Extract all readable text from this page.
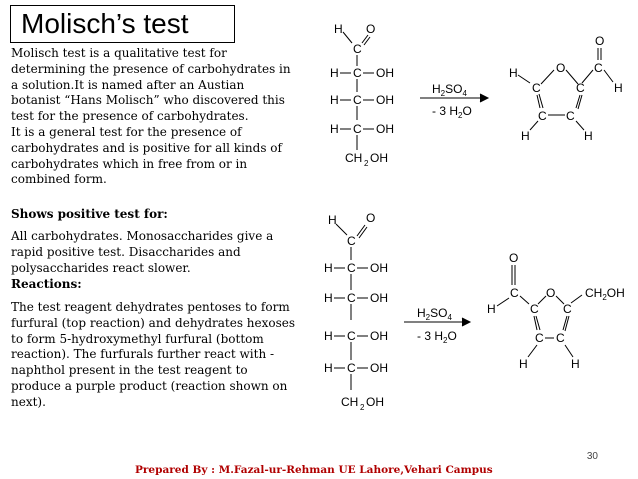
Molisch’s test
Molisch test is a qualitative test for
determining the presence of carbohydrates in
a solution.It is named after an Austian
botanist “Hans Molisch” who discovered this
test for the presence of carbohydrates.
It is a general test for the presence of
carbohydrates and is positive for all kinds of
carbohydrates which in free from or in
combined form.
Shows positive test for:
All carbohydrates. Monosaccharides give a
rapid positive test. Disaccharides and
polysaccharides react slower.
Reactions:
The test reagent dehydrates pentoses to form
furfural (top reaction) and dehydrates hexoses
to form 5-hydroxymethyl furfural (bottom
reaction). The furfurals further react with -
naphthol present in the test reagent to
produce a purple product (reaction shown on
next).
H O
C
H C OH
H C OH
H C OH
CH 2 OH
$H_2SO_4$
- 3 $H_2O$
H
C
O
C
C
O
H
C C
H	H
H O
C
H C OH
H C OH
H C OH
H C OH
CH 2 OH
$H_2SO_4$
- 3 $H_2O$
O
C
H	C
O
C
$CH_2OH$
C C
H	H
30
Prepared By : M.Fazal-ur-Rehman UE Lahore,Vehari Campus
